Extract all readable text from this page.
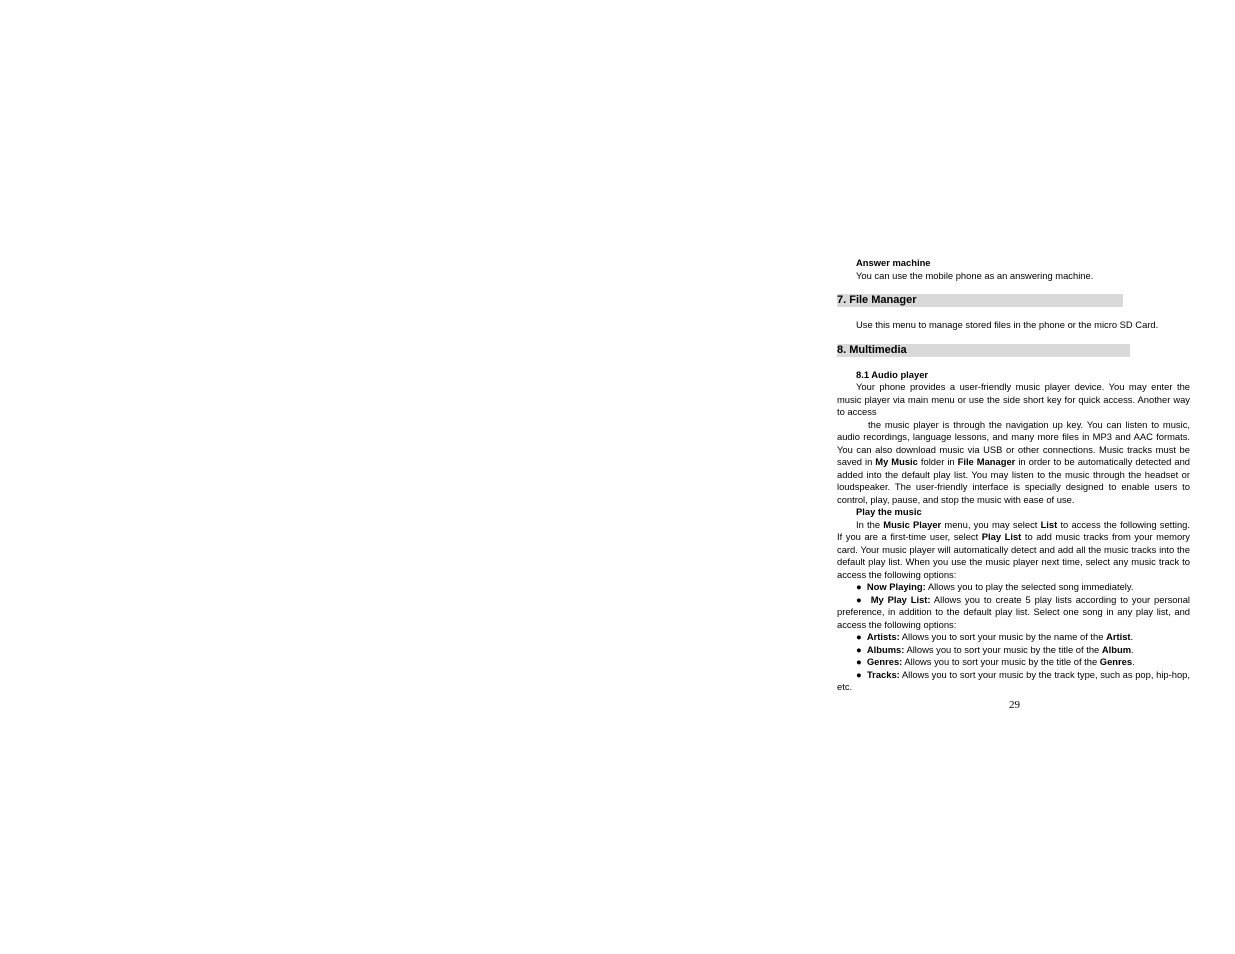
Answer machine

You can use the mobile phone as an answering machine.

7. File Manager

Use this menu to manage stored files in the phone or the micro SD Card.

8. Multimedia

8.1 Audio player

Your phone provides a user-friendly music player device. You may enter the music player via main menu or use the side short key for quick access. Another way to access

the music player is through the navigation up key. You can listen to music, audio recordings, language lessons, and many more files in MP3 and AAC formats. You can also download music via USB or other connections. Music tracks must be saved in My Music folder in File Manager in order to be automatically detected and added into the default play list. You may listen to the music through the headset or loudspeaker. The user-friendly interface is specially designed to enable users to control, play, pause, and stop the music with ease of use.

Play the music

In the Music Player menu, you may select List to access the following setting. If you are a first-time user, select Play List to add music tracks from your memory card. Your music player will automatically detect and add all the music tracks into the default play list. When you use the music player next time, select any music track to access the following options:

●  Now Playing: Allows you to play the selected song immediately.

●  My Play List: Allows you to create 5 play lists according to your personal preference, in addition to the default play list. Select one song in any play list, and access the following options:

●  Artists: Allows you to sort your music by the name of the Artist.

●  Albums: Allows you to sort your music by the title of the Album.

●  Genres: Allows you to sort your music by the title of the Genres.

●  Tracks: Allows you to sort your music by the track type, such as pop, hip-hop, etc.

29
